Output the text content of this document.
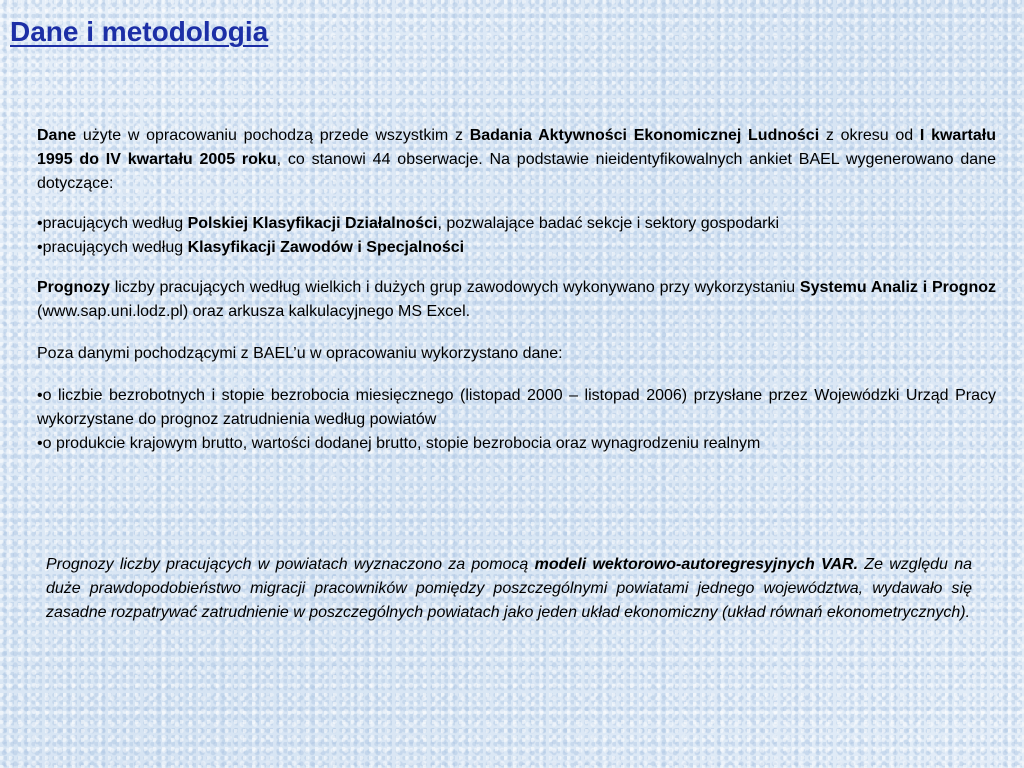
Dane i metodologia

Dane użyte w opracowaniu pochodzą przede wszystkim z Badania Aktywności Ekonomicznej Ludności z okresu od I kwartału 1995 do IV kwartału 2005 roku, co stanowi 44 obserwacje. Na podstawie nieidentyfikowalnych ankiet BAEL wygenerowano dane dotyczące:

•pracujących według Polskiej Klasyfikacji Działalności, pozwalające badać sekcje i sektory gospodarki

•pracujących według Klasyfikacji Zawodów i Specjalności

Prognozy liczby pracujących według wielkich i dużych grup zawodowych wykonywano przy wykorzystaniu Systemu Analiz i Prognoz (www.sap.uni.lodz.pl) oraz arkusza kalkulacyjnego MS Excel.

Poza danymi pochodzącymi z BAEL’u w opracowaniu wykorzystano dane:

•o liczbie bezrobotnych i stopie bezrobocia miesięcznego (listopad 2000 – listopad 2006) przysłane przez Wojewódzki Urząd Pracy wykorzystane do prognoz zatrudnienia według powiatów

•o produkcie krajowym brutto, wartości dodanej brutto, stopie bezrobocia oraz wynagrodzeniu realnym

Prognozy liczby pracujących w powiatach wyznaczono za pomocą modeli wektorowo-autoregresyjnych VAR. Ze względu na duże prawdopodobieństwo migracji pracowników pomiędzy poszczególnymi powiatami jednego województwa, wydawało się zasadne rozpatrywać zatrudnienie w poszczególnych powiatach jako jeden układ ekonomiczny (układ równań ekonometrycznych).
